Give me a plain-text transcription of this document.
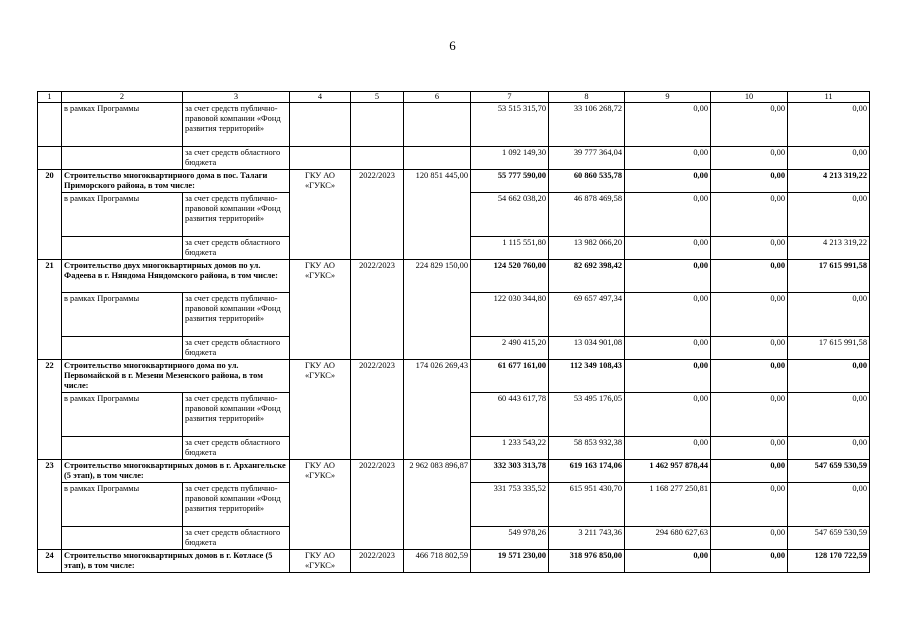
6
1	2	3	4	5	6	7	8	9	10	11
	в рамках Программы	за счет средств публично-правовой компании «Фонд развития территорий»				53 515 315,70	33 106 268,72	0,00	0,00	0,00
		за счет средств областного бюджета				1 092 149,30	39 777 364,04	0,00	0,00	0,00
20	Строительство многоквартирного дома в пос. Талаги Приморского района, в том числе:		ГКУ АО «ГУКС»	2022/2023	120 851 445,00	55 777 590,00	60 860 535,78	0,00	0,00	4 213 319,22
	в рамках Программы	за счет средств публично-правовой компании «Фонд развития территорий»				54 662 038,20	46 878 469,58	0,00	0,00	0,00
		за счет средств областного бюджета				1 115 551,80	13 982 066,20	0,00	0,00	4 213 319,22
21	Строительство двух многоквартирных домов по ул. Фадеева в г. Няндома Няндомского района, в том числе:		ГКУ АО «ГУКС»	2022/2023	224 829 150,00	124 520 760,00	82 692 398,42	0,00	0,00	17 615 991,58
	в рамках Программы	за счет средств публично-правовой компании «Фонд развития территорий»				122 030 344,80	69 657 497,34	0,00	0,00	0,00
		за счет средств областного бюджета				2 490 415,20	13 034 901,08	0,00	0,00	17 615 991,58
22	Строительство многоквартирного дома по ул. Первомайской в г. Мезени Мезенского района, в том числе:		ГКУ АО «ГУКС»	2022/2023	174 026 269,43	61 677 161,00	112 349 108,43	0,00	0,00	0,00
	в рамках Программы	за счет средств публично-правовой компании «Фонд развития территорий»				60 443 617,78	53 495 176,05	0,00	0,00	0,00
		за счет средств областного бюджета				1 233 543,22	58 853 932,38	0,00	0,00	0,00
23	Строительство многоквартирных домов в г. Архангельске (5 этап), в том числе:		ГКУ АО «ГУКС»	2022/2023	2 962 083 896,87	332 303 313,78	619 163 174,06	1 462 957 878,44	0,00	547 659 530,59
	в рамках Программы	за счет средств публично-правовой компании «Фонд развития территорий»				331 753 335,52	615 951 430,70	1 168 277 250,81	0,00	0,00
		за счет средств областного бюджета				549 978,26	3 211 743,36	294 680 627,63	0,00	547 659 530,59
24	Строительство многоквартирных домов в г. Котласе (5 этап), в том числе:		ГКУ АО «ГУКС»	2022/2023	466 718 802,59	19 571 230,00	318 976 850,00	0,00	0,00	128 170 722,59
